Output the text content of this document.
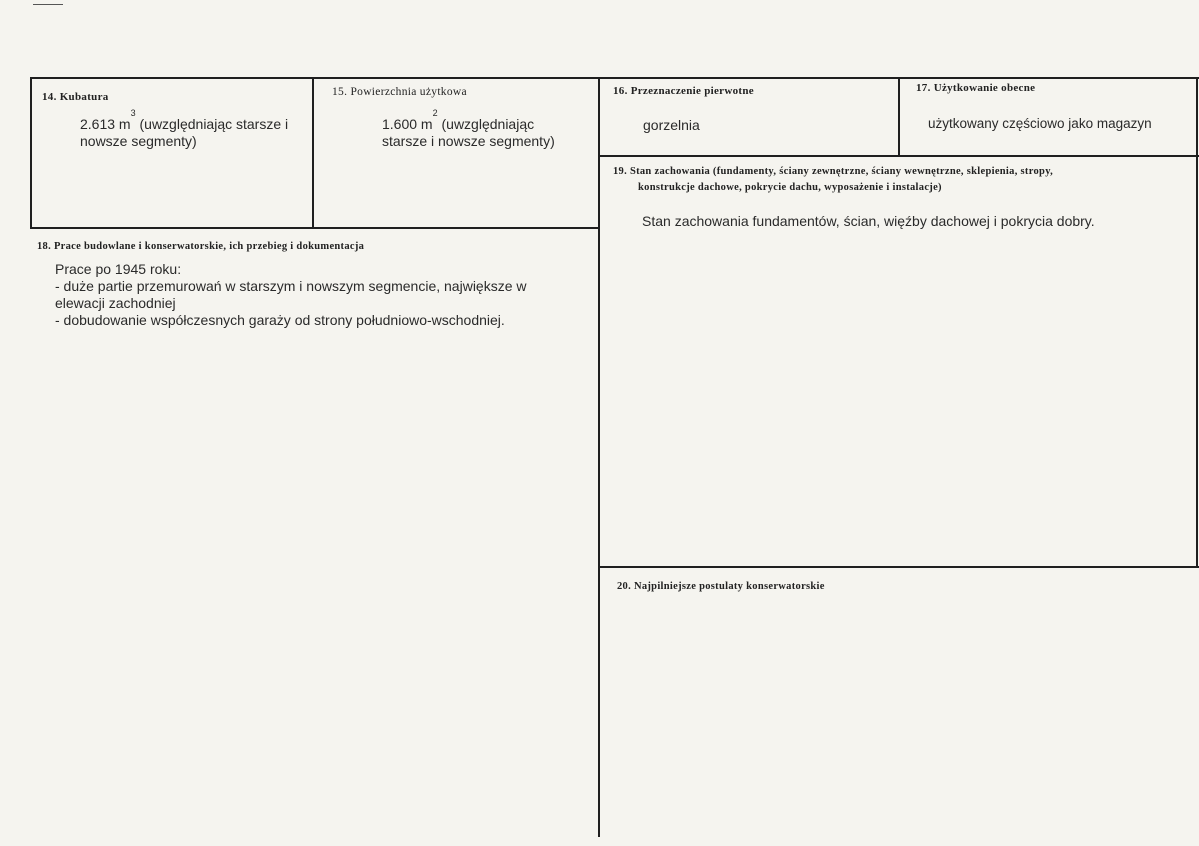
14. Kubatura
2.613 $m^3$ (uwzględniając starsze i
nowsze segmenty)
15. Powierzchnia użytkowa
1.600 $m^2$ (uwzględniając
starsze i nowsze segmenty)
16. Przeznaczenie pierwotne
gorzelnia
17. Użytkowanie obecne
użytkowany częściowo jako magazyn
19. Stan zachowania (fundamenty, ściany zewnętrzne, ściany wewnętrzne, sklepienia, stropy,
konstrukcje dachowe, pokrycie dachu, wyposażenie i instalacje)
Stan zachowania fundamentów, ścian, więźby dachowej i pokrycia dobry.
18. Prace budowlane i konserwatorskie, ich przebieg i dokumentacja
Prace po 1945 roku:
- duże partie przemurowań w starszym i nowszym segmencie, największe w
elewacji zachodniej
- dobudowanie współczesnych garaży od strony południowo-wschodniej.
20. Najpilniejsze postulaty konserwatorskie
